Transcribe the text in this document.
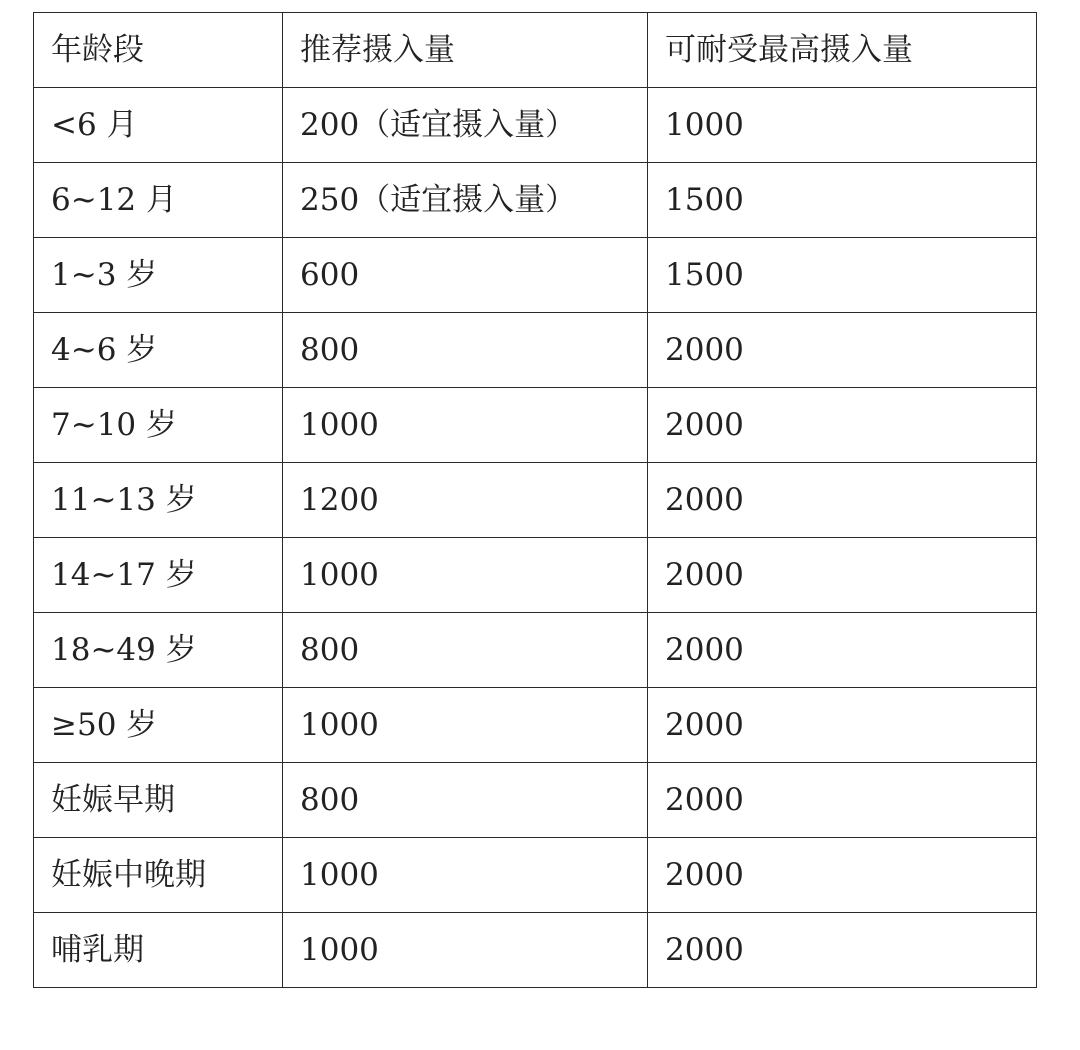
年龄段	推荐摄入量	可耐受最高摄入量
<6 月	200（适宜摄入量）	1000
6~12 月	250（适宜摄入量）	1500
1~3 岁	600	1500
4~6 岁	800	2000
7~10 岁	1000	2000
11~13 岁	1200	2000
14~17 岁	1000	2000
18~49 岁	800	2000
≥50 岁	1000	2000
妊娠早期	800	2000
妊娠中晚期	1000	2000
哺乳期	1000	2000
